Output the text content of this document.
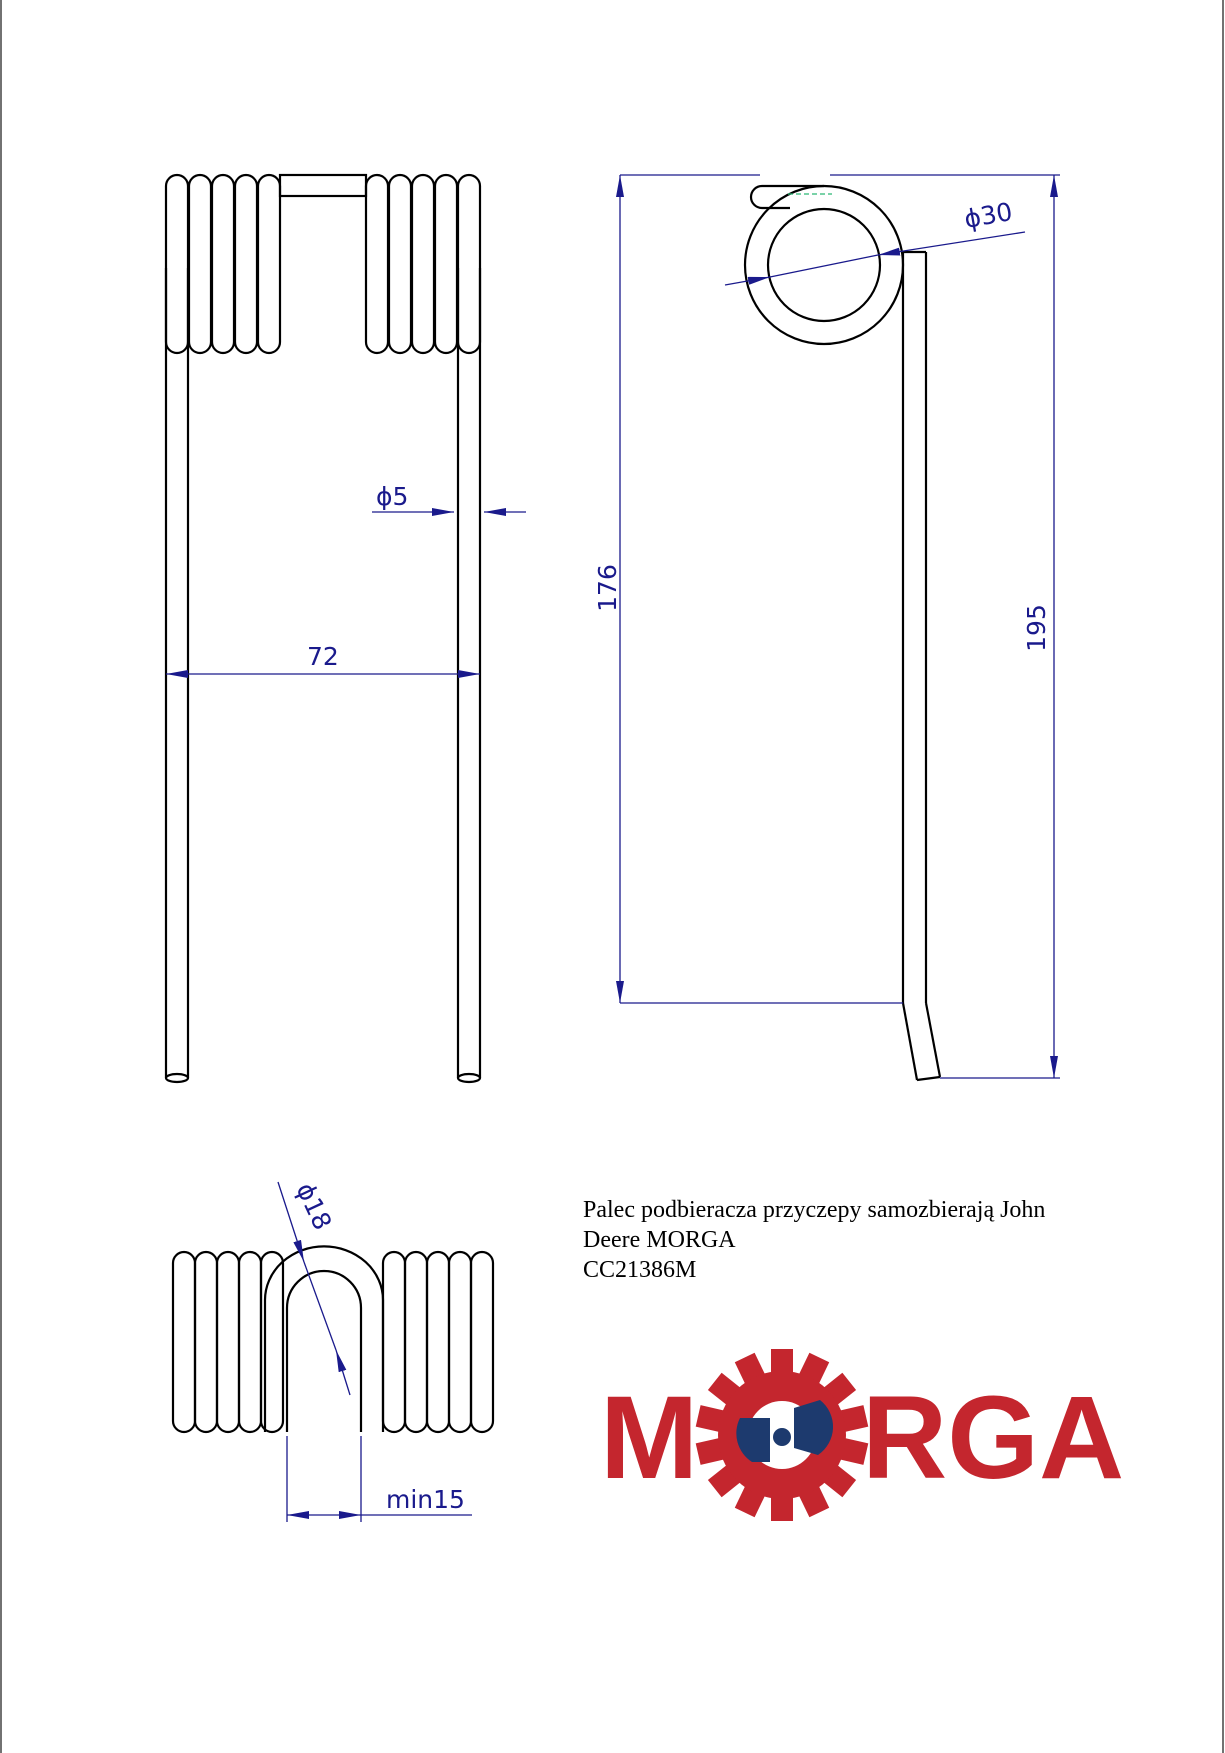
ϕ5
72
ϕ30
176
195
ϕ18
min15 M RGA
Palec podbieracza przyczepy samozbierają John
Deere MORGA
CC21386M
